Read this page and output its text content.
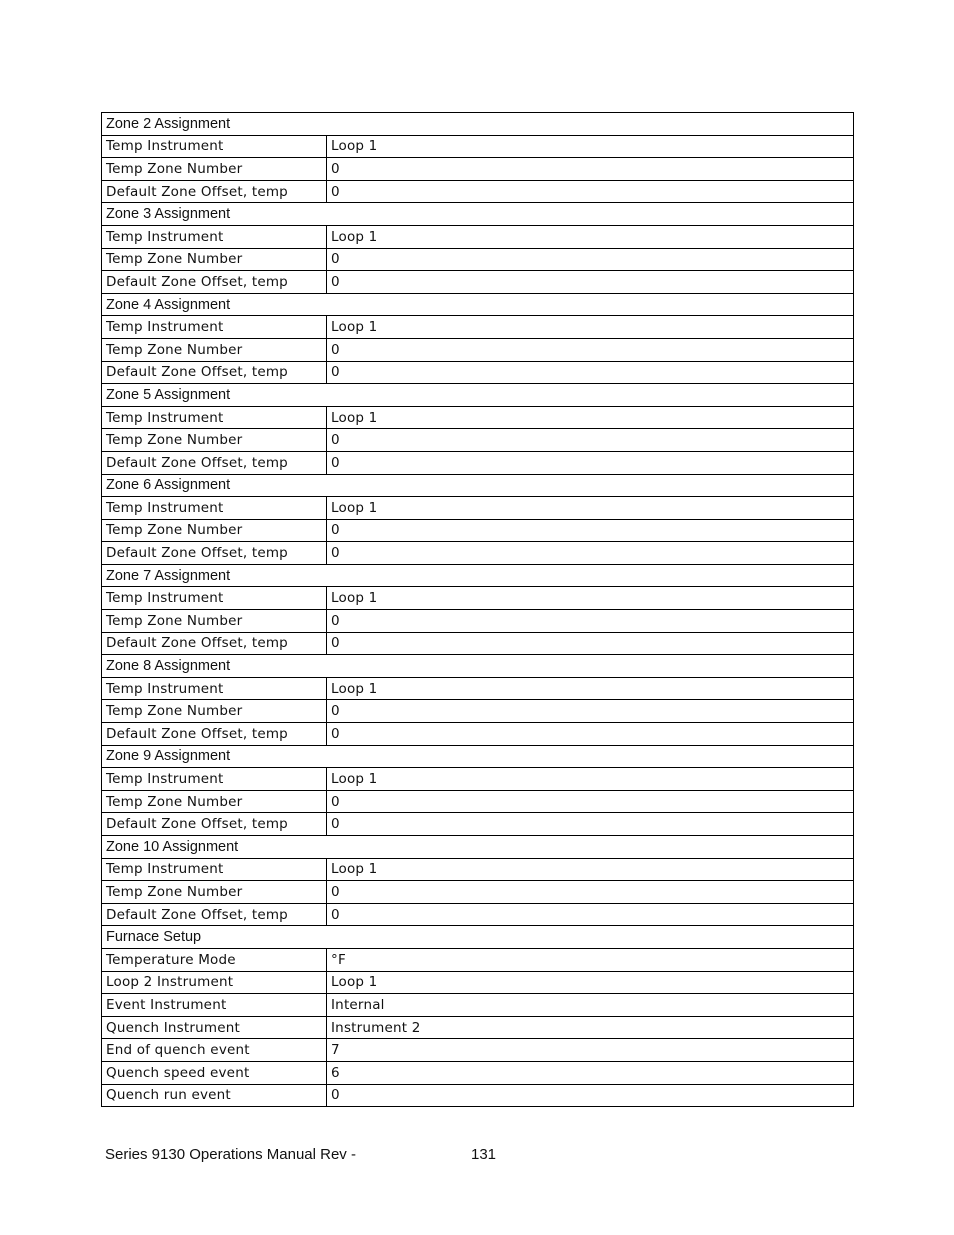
Zone 2 Assignment	
Temp Instrument	Loop 1
Temp Zone Number	0
Default Zone Offset, temp	0
Zone 3 Assignment	
Temp Instrument	Loop 1
Temp Zone Number	0
Default Zone Offset, temp	0
Zone 4 Assignment	
Temp Instrument	Loop 1
Temp Zone Number	0
Default Zone Offset, temp	0
Zone 5 Assignment	
Temp Instrument	Loop 1
Temp Zone Number	0
Default Zone Offset, temp	0
Zone 6 Assignment	
Temp Instrument	Loop 1
Temp Zone Number	0
Default Zone Offset, temp	0
Zone 7 Assignment	
Temp Instrument	Loop 1
Temp Zone Number	0
Default Zone Offset, temp	0
Zone 8 Assignment	
Temp Instrument	Loop 1
Temp Zone Number	0
Default Zone Offset, temp	0
Zone 9 Assignment	
Temp Instrument	Loop 1
Temp Zone Number	0
Default Zone Offset, temp	0
Zone 10 Assignment	
Temp Instrument	Loop 1
Temp Zone Number	0
Default Zone Offset, temp	0
Furnace Setup	
Temperature Mode	°F
Loop 2 Instrument	Loop 1
Event Instrument	Internal
Quench Instrument	Instrument 2
End of quench event	7
Quench speed event	6
Quench run event	0
Series 9130 Operations Manual Rev -	131
